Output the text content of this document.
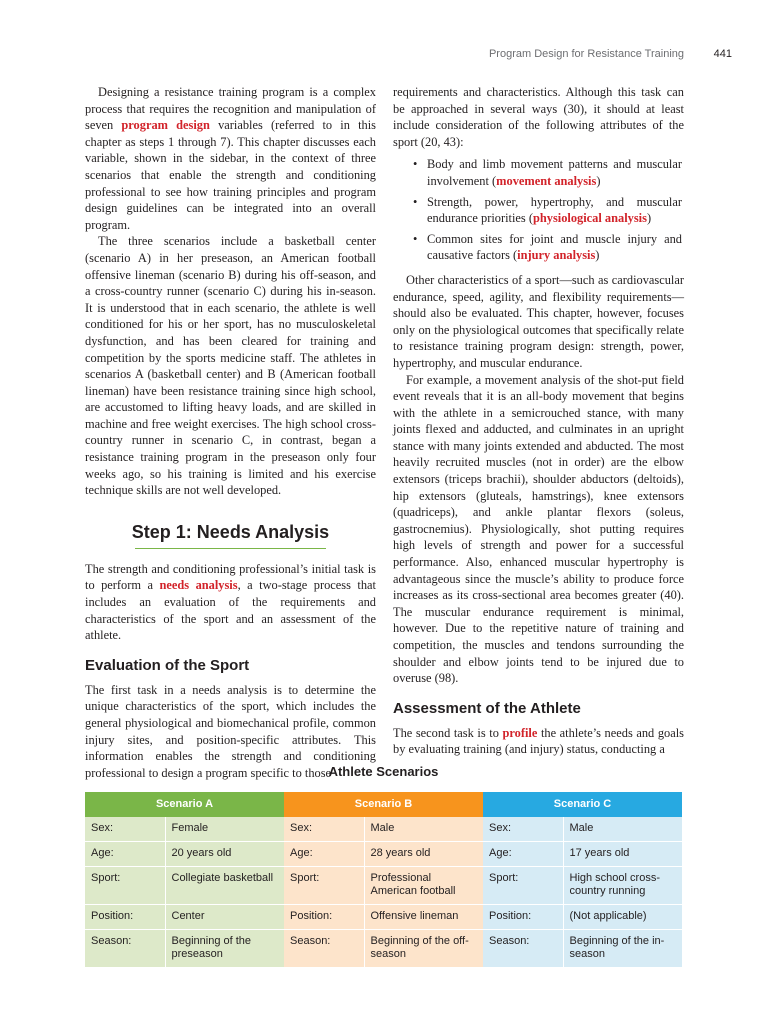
Program Design for Resistance Training	441

Designing a resistance training program is a complex process that requires the recognition and manipulation of seven program design variables (referred to in this chapter as steps 1 through 7). This chapter discusses each variable, shown in the sidebar, in the context of three scenarios that enable the strength and conditioning professional to see how training principles and program design guidelines can be integrated into an overall program.

The three scenarios include a basketball center (scenario A) in her preseason, an American football offensive lineman (scenario B) during his off-season, and a cross-country runner (scenario C) during his in-season. It is understood that in each scenario, the athlete is well conditioned for his or her sport, has no musculoskeletal dysfunction, and has been cleared for training and competition by the sports medicine staff. The athletes in scenarios A (basketball center) and B (American football lineman) have been resistance training since high school, are accustomed to lifting heavy loads, and are skilled in machine and free weight exercises. The high school cross-country runner in scenario C, in contrast, began a resistance training program in the preseason only four weeks ago, so his training is limited and his exercise technique skills are not well developed.

Step 1: Needs Analysis

The strength and conditioning professional’s initial task is to perform a needs analysis, a two-stage process that includes an evaluation of the requirements and characteristics of the sport and an assessment of the athlete.

Evaluation of the Sport

The first task in a needs analysis is to determine the unique characteristics of the sport, which includes the general physiological and biomechanical profile, common injury sites, and position-specific attributes. This information enables the strength and conditioning professional to design a program specific to those

requirements and characteristics. Although this task can be approached in several ways (30), it should at least include consideration of the following attributes of the sport (20, 43):

• Body and limb movement patterns and muscular involvement (movement analysis)
• Strength, power, hypertrophy, and muscular endurance priorities (physiological analysis)
• Common sites for joint and muscle injury and causative factors (injury analysis)

Other characteristics of a sport—such as cardiovascular endurance, speed, agility, and flexibility requirements—should also be evaluated. This chapter, however, focuses only on the physiological outcomes that specifically relate to resistance training program design: strength, power, hypertrophy, and muscular endurance.

For example, a movement analysis of the shot-put field event reveals that it is an all-body movement that begins with the athlete in a semicrouched stance, with many joints flexed and adducted, and culminates in an upright stance with many joints extended and abducted. The most heavily recruited muscles (not in order) are the elbow extensors (triceps brachii), shoulder abductors (deltoids), hip extensors (gluteals, hamstrings), knee extensors (quadriceps), and ankle plantar flexors (soleus, gastrocnemius). Physiologically, shot putting requires high levels of strength and power for a successful performance. Also, enhanced muscular hypertrophy is advantageous since the muscle’s ability to produce force increases as its cross-sectional area becomes greater (40). The muscular endurance requirement is minimal, however. Due to the repetitive nature of training and competition, the muscles and tendons surrounding the shoulder and elbow joints tend to be injured due to overuse (98).

Assessment of the Athlete

The second task is to profile the athlete’s needs and goals by evaluating training (and injury) status, conducting a

Athlete Scenarios
Scenario A		Scenario B		Scenario C	
Sex:	Female	Sex:	Male	Sex:	Male
Age:	20 years old	Age:	28 years old	Age:	17 years old
Sport:	Collegiate basketball	Sport:	Professional American football	Sport:	High school cross-country running
Position:	Center	Position:	Offensive lineman	Position:	(Not applicable)
Season:	Beginning of the preseason	Season:	Beginning of the off-season	Season:	Beginning of the in-season
